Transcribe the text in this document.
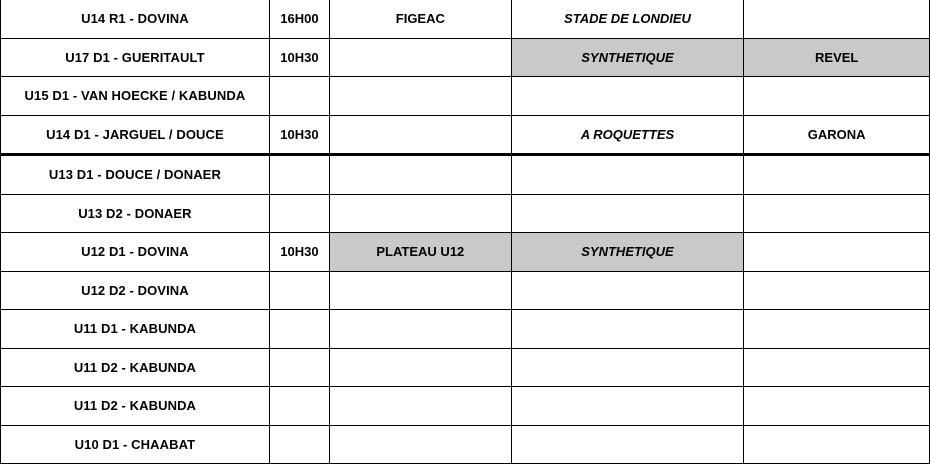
U14 R1 - DOVINA	16H00	FIGEAC	STADE DE LONDIEU	
U17 D1 - GUERITAULT	10H30		SYNTHETIQUE	REVEL
U15 D1 - VAN HOECKE / KABUNDA				
U14 D1 - JARGUEL / DOUCE	10H30		A ROQUETTES	GARONA
U13 D1 - DOUCE / DONAER				
U13 D2 - DONAER				
U12 D1 - DOVINA	10H30	PLATEAU U12	SYNTHETIQUE	
U12 D2 - DOVINA				
U11 D1 - KABUNDA				
U11 D2 - KABUNDA				
U11 D2 - KABUNDA				
U10 D1 - CHAABAT				
